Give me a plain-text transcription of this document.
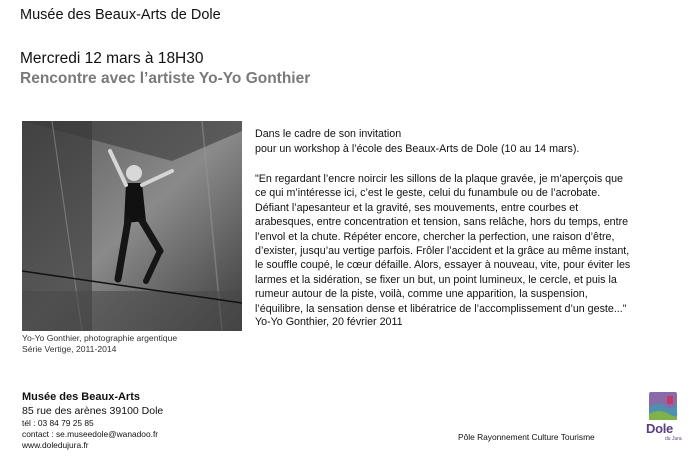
Musée des Beaux-Arts de Dole
Mercredi 12 mars à 18H30
Rencontre avec l’artiste Yo-Yo Gonthier
Yo-Yo Gonthier, photographie argentique
Série Vertige, 2011-2014
Dans le cadre de son invitation
pour un workshop à l’école des Beaux-Arts de Dole (10 au 14 mars).
"En regardant l’encre noircir les sillons de la plaque gravée, je m’aperçois que
ce qui m’intéresse ici, c’est le geste, celui du funambule ou de l’acrobate.
Défiant l’apesanteur et la gravité, ses mouvements, entre courbes et
arabesques, entre concentration et tension, sans relâche, hors du temps, entre
l’envol et la chute. Répéter encore, chercher la perfection, une raison d’être,
d’exister, jusqu’au vertige parfois. Frôler l’accident et la grâce au même instant,
le souffle coupé, le cœur défaille. Alors, essayer à nouveau, vite, pour éviter les
larmes et la sidération, se fixer un but, un point lumineux, le cercle, et puis la
rumeur autour de la piste, voilà, comme une apparition, la suspension,
l’équilibre, la sensation dense et libératrice de l’accomplissement d’un geste..."
Yo-Yo Gonthier, 20 février 2011
Musée des Beaux-Arts
85 rue des arènes 39100 Dole
tél : 03 84 79 25 85
contact : se.museedole@wanadoo.fr
www.doledujura.fr
Pôle Rayonnement Culture Tourisme
Dole
du Jura
